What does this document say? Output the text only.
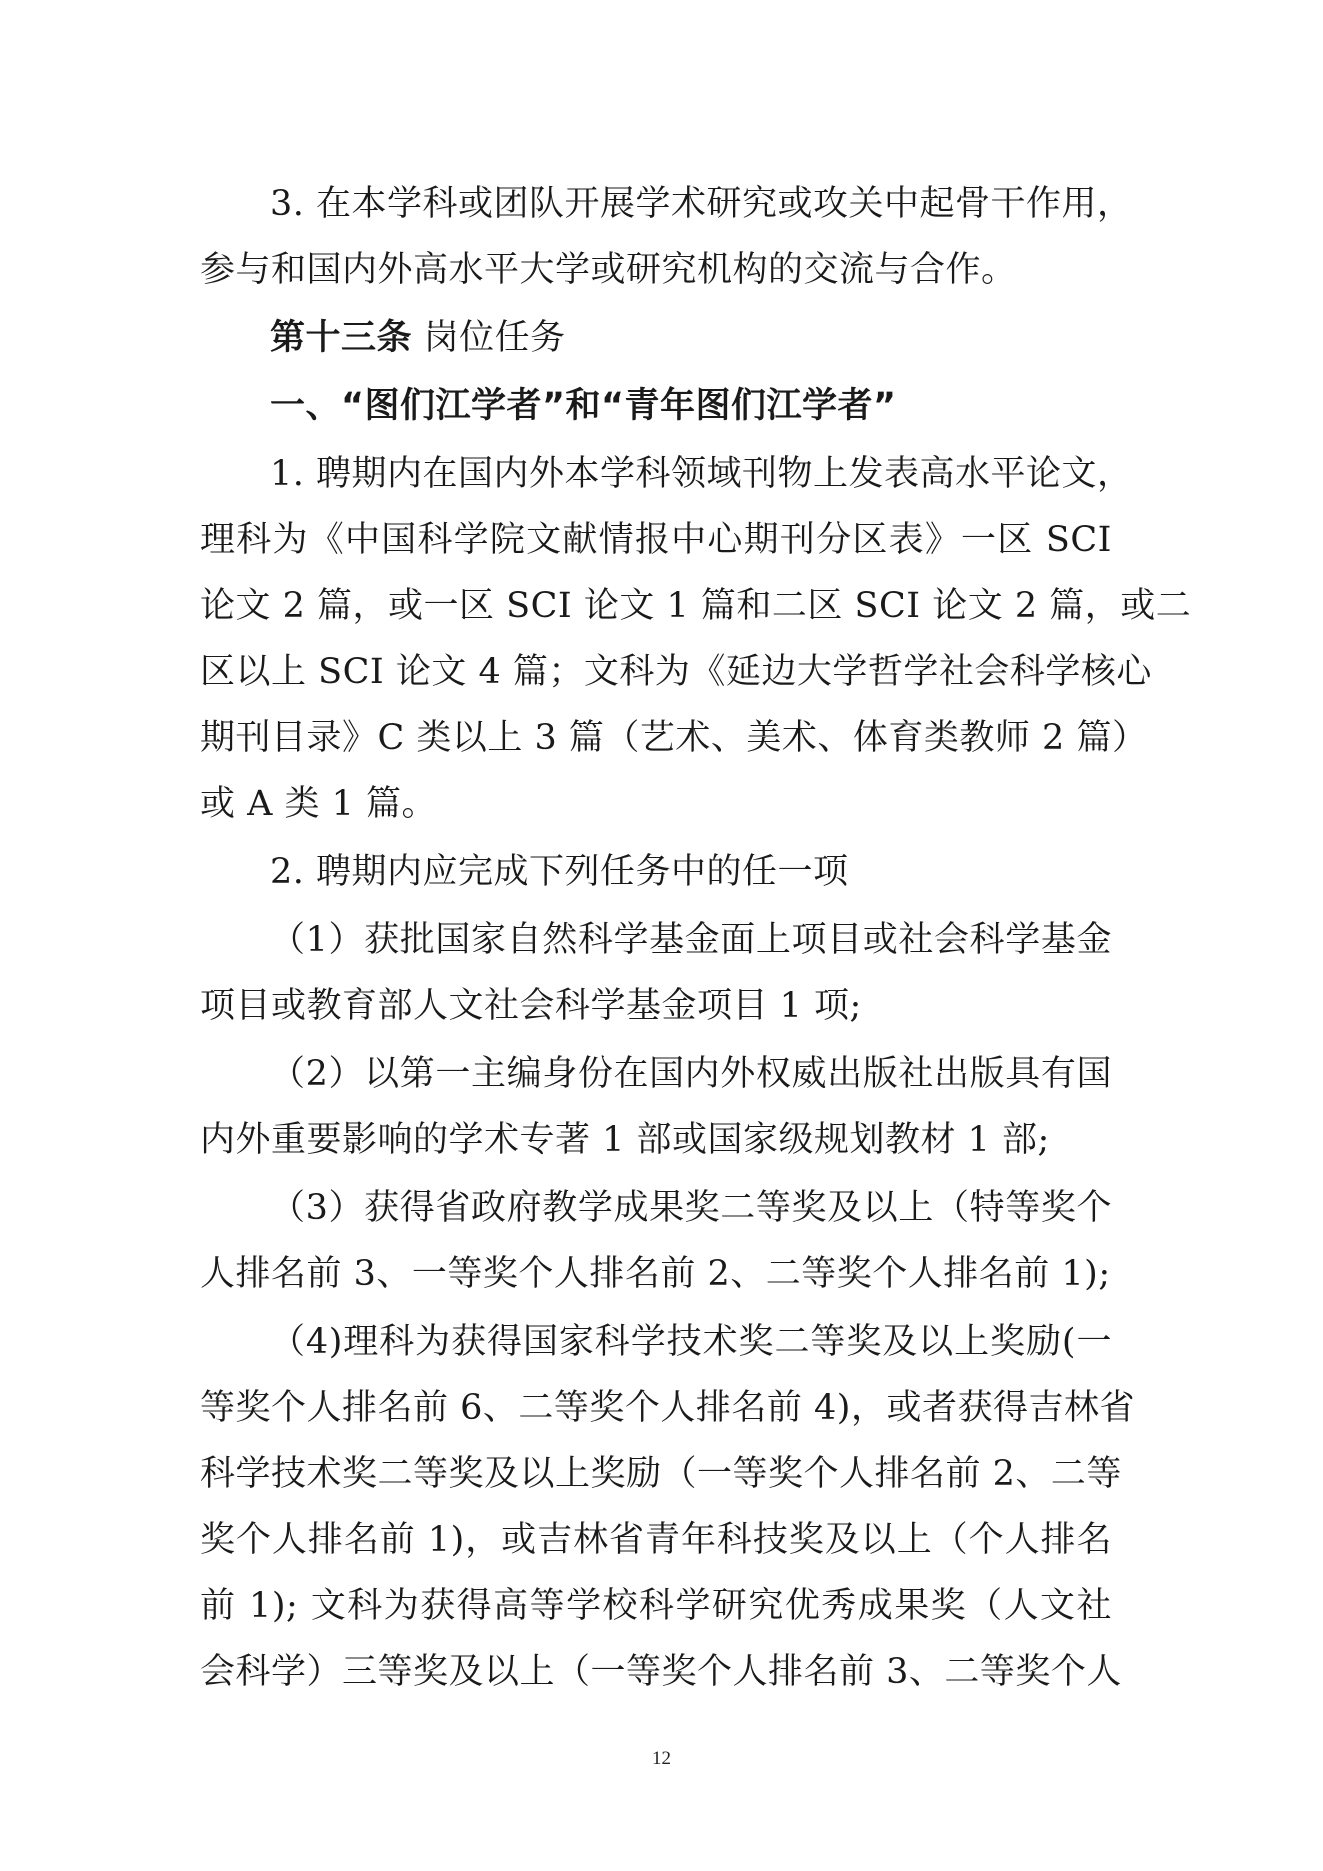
3. 在本学科或团队开展学术研究或攻关中起骨干作用，
参与和国内外高水平大学或研究机构的交流与合作。
第十三条 岗位任务
一、“图们江学者”和“青年图们江学者”
1. 聘期内在国内外本学科领域刊物上发表高水平论文，
理科为《中国科学院文献情报中心期刊分区表》一区 SCI
论文 2 篇，或一区 SCI 论文 1 篇和二区 SCI 论文 2 篇，或二
区以上 SCI 论文 4 篇；文科为《延边大学哲学社会科学核心
期刊目录》C 类以上 3 篇（艺术、美术、体育类教师 2 篇）
或 A 类 1 篇。
2. 聘期内应完成下列任务中的任一项
（1）获批国家自然科学基金面上项目或社会科学基金
项目或教育部人文社会科学基金项目 1 项;
（2）以第一主编身份在国内外权威出版社出版具有国
内外重要影响的学术专著 1 部或国家级规划教材 1 部;
（3）获得省政府教学成果奖二等奖及以上（特等奖个
人排名前 3、一等奖个人排名前 2、二等奖个人排名前 1);
（4)理科为获得国家科学技术奖二等奖及以上奖励(一
等奖个人排名前 6、二等奖个人排名前 4)，或者获得吉林省
科学技术奖二等奖及以上奖励（一等奖个人排名前 2、二等
奖个人排名前 1)，或吉林省青年科技奖及以上（个人排名
前 1); 文科为获得高等学校科学研究优秀成果奖（人文社
会科学）三等奖及以上（一等奖个人排名前 3、二等奖个人
12
